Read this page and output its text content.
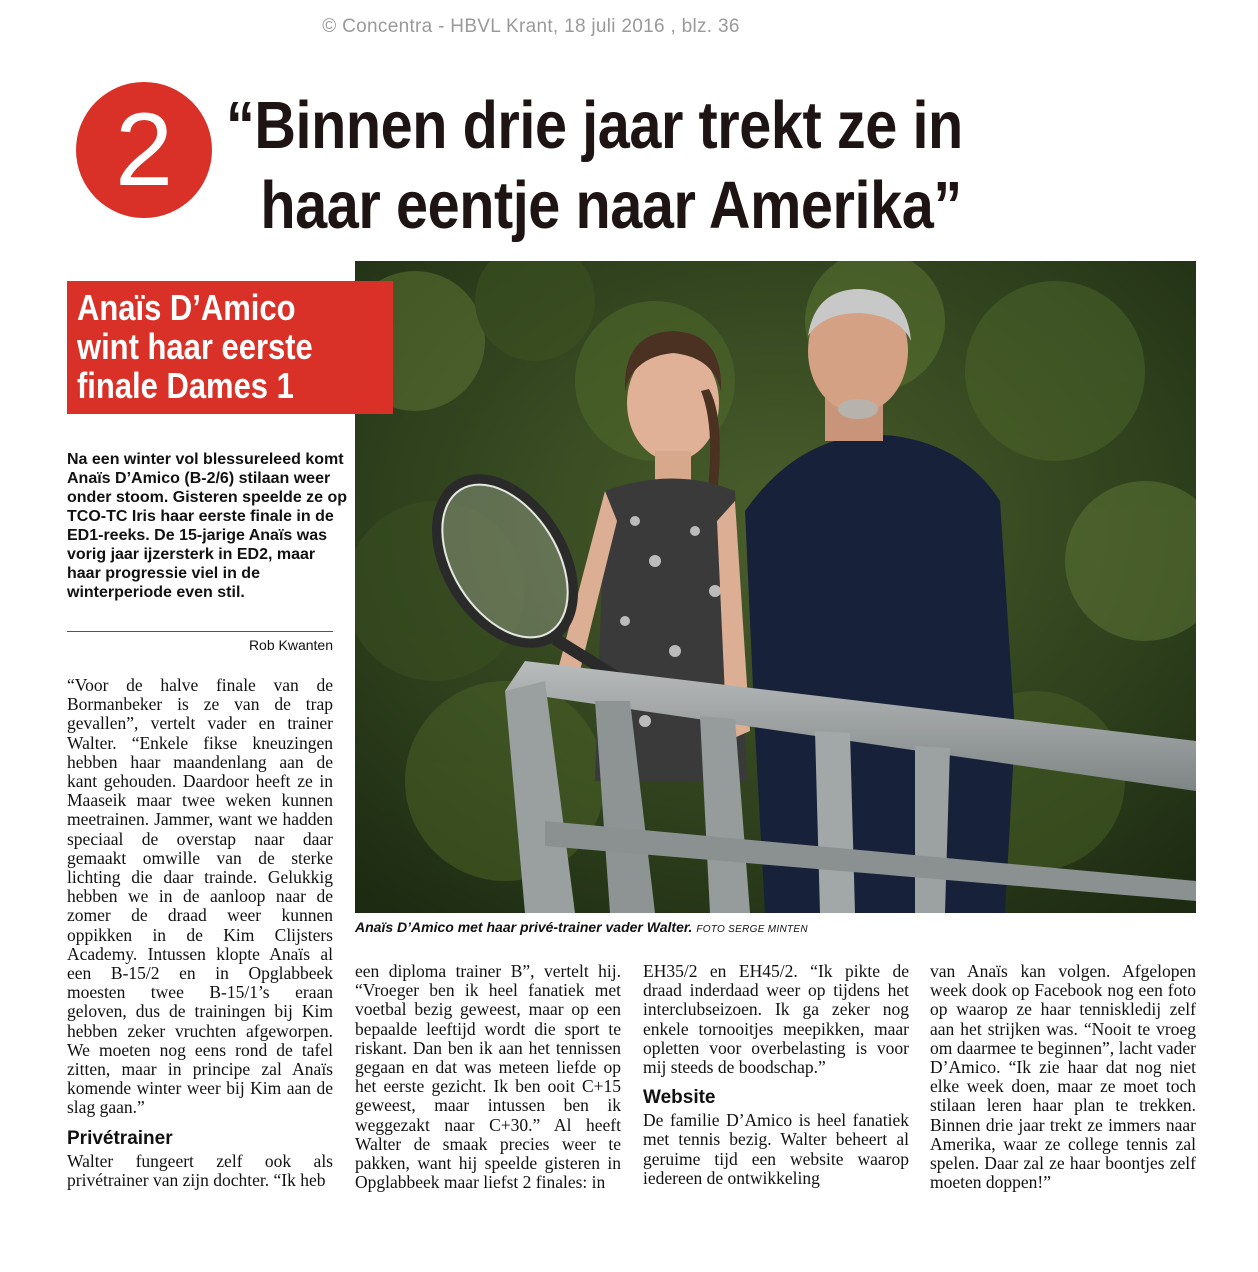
© Concentra - HBVL Krant, 18 juli 2016 , blz. 36
2 “Binnen drie jaar trekt ze in
haar eentje naar Amerika”
Anaïs D’Amico
wint haar eerste
finale Dames 1

Na een winter vol blessureleed komt Anaïs D’Amico (B-2/6) stilaan weer onder stoom. Gisteren speelde ze op TCO-TC Iris haar eerste finale in de ED1-reeks. De 15-jarige Anaïs was vorig jaar ijzersterk in ED2, maar haar progressie viel in de winterperiode even stil.

Rob Kwanten
Anaïs D’Amico met haar privé-trainer vader Walter. FOTO SERGE MINTEN

“Voor de halve finale van de Bormanbeker is ze van de trap gevallen”, vertelt vader en trainer Walter. “Enkele fikse kneuzingen hebben haar maandenlang aan de kant gehouden. Daardoor heeft ze in Maaseik maar twee weken kunnen meetrainen. Jammer, want we hadden speciaal de overstap naar daar gemaakt omwille van de sterke lichting die daar trainde. Gelukkig hebben we in de aanloop naar de zomer de draad weer kunnen oppikken in de Kim Clijsters Academy. Intussen klopte Anaïs al een B-15/2 en in Opglabbeek moesten twee B-15/1’s eraan geloven, dus de trainingen bij Kim hebben zeker vruchten afgeworpen. We moeten nog eens rond de tafel zitten, maar in principe zal Anaïs komende winter weer bij Kim aan de slag gaan.”

Privétrainer

Walter fungeert zelf ook als privétrainer van zijn dochter. “Ik heb

een diploma trainer B”, vertelt hij. “Vroeger ben ik heel fanatiek met voetbal bezig geweest, maar op een bepaalde leeftijd wordt die sport te riskant. Dan ben ik aan het tennissen gegaan en dat was meteen liefde op het eerste gezicht. Ik ben ooit C+15 geweest, maar intussen ben ik weggezakt naar C+30.” Al heeft Walter de smaak precies weer te pakken, want hij speelde gisteren in Opglabbeek maar liefst 2 finales: in

EH35/2 en EH45/2. “Ik pikte de draad inderdaad weer op tijdens het interclubseizoen. Ik ga zeker nog enkele tornooitjes meepikken, maar opletten voor overbelasting is voor mij steeds de boodschap.”

Website

De familie D’Amico is heel fanatiek met tennis bezig. Walter beheert al geruime tijd een website waarop iedereen de ontwikkeling

van Anaïs kan volgen. Afgelopen week dook op Facebook nog een foto op waarop ze haar tenniskledij zelf aan het strijken was. “Nooit te vroeg om daarmee te beginnen”, lacht vader D’Amico. “Ik zie haar dat nog niet elke week doen, maar ze moet toch stilaan leren haar plan te trekken. Binnen drie jaar trekt ze immers naar Amerika, waar ze college tennis zal spelen. Daar zal ze haar boontjes zelf moeten doppen!”
